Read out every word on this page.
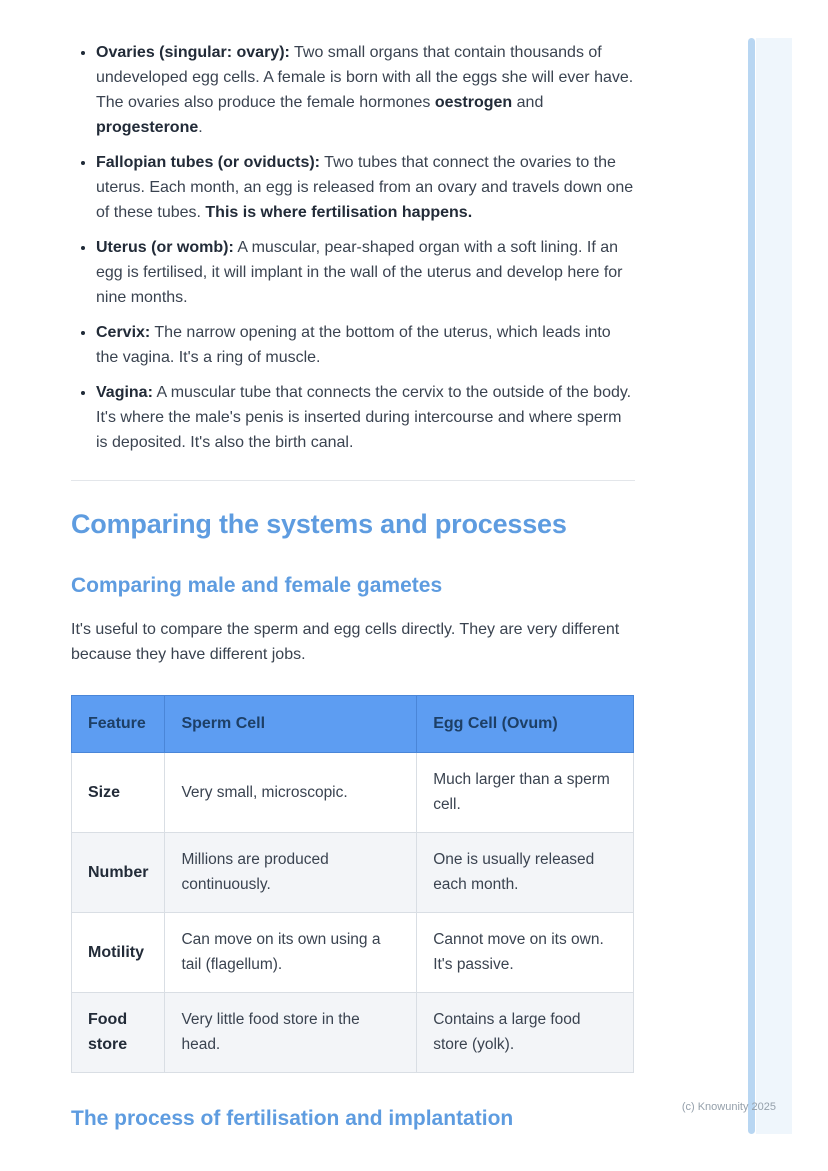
• Ovaries (singular: ovary): Two small organs that contain thousands of undeveloped egg cells. A female is born with all the eggs she will ever have. The ovaries also produce the female hormones oestrogen and progesterone.
• Fallopian tubes (or oviducts): Two tubes that connect the ovaries to the uterus. Each month, an egg is released from an ovary and travels down one of these tubes. This is where fertilisation happens.
• Uterus (or womb): A muscular, pear-shaped organ with a soft lining. If an egg is fertilised, it will implant in the wall of the uterus and develop here for nine months.
• Cervix: The narrow opening at the bottom of the uterus, which leads into the vagina. It's a ring of muscle.
• Vagina: A muscular tube that connects the cervix to the outside of the body. It's where the male's penis is inserted during intercourse and where sperm is deposited. It's also the birth canal.
Comparing the systems and processes
Comparing male and female gametes

It's useful to compare the sperm and egg cells directly. They are very different because they have different jobs.

Feature	Sperm Cell	Egg Cell (Ovum)
Size	Very small, microscopic.	Much larger than a sperm cell.
Number	Millions are produced continuously.	One is usually released each month.
Motility	Can move on its own using a tail (flagellum).	Cannot move on its own. It's passive.
Food store	Very little food store in the head.	Contains a large food store (yolk).
The process of fertilisation and implantation	(c) Knowunity 2025
